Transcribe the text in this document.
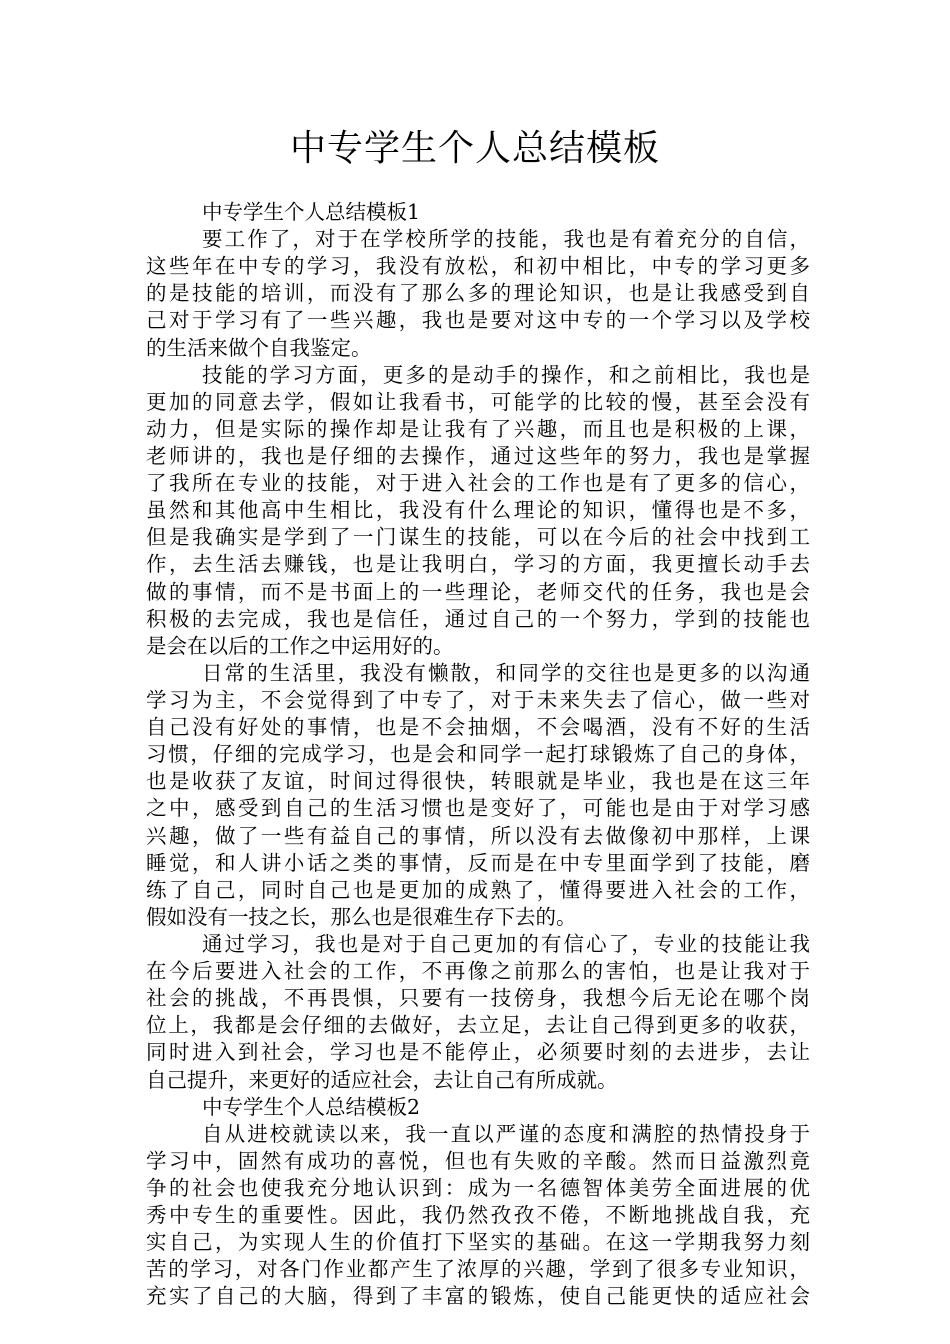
中专学生个人总结模板
中专学生个人总结模板1
要工作了，对于在学校所学的技能，我也是有着充分的自信，
这些年在中专的学习，我没有放松，和初中相比，中专的学习更多
的是技能的培训，而没有了那么多的理论知识，也是让我感受到自
己对于学习有了一些兴趣，我也是要对这中专的一个学习以及学校
的生活来做个自我鉴定。
技能的学习方面，更多的是动手的操作，和之前相比，我也是
更加的同意去学，假如让我看书，可能学的比较的慢，甚至会没有
动力，但是实际的操作却是让我有了兴趣，而且也是积极的上课，
老师讲的，我也是仔细的去操作，通过这些年的努力，我也是掌握
了我所在专业的技能，对于进入社会的工作也是有了更多的信心，
虽然和其他高中生相比，我没有什么理论的知识，懂得也是不多，
但是我确实是学到了一门谋生的技能，可以在今后的社会中找到工
作，去生活去赚钱，也是让我明白，学习的方面，我更擅长动手去
做的事情，而不是书面上的一些理论，老师交代的任务，我也是会
积极的去完成，我也是信任，通过自己的一个努力，学到的技能也
是会在以后的工作之中运用好的。
日常的生活里，我没有懒散，和同学的交往也是更多的以沟通
学习为主，不会觉得到了中专了，对于未来失去了信心，做一些对
自己没有好处的事情，也是不会抽烟，不会喝酒，没有不好的生活
习惯，仔细的完成学习，也是会和同学一起打球锻炼了自己的身体，
也是收获了友谊，时间过得很快，转眼就是毕业，我也是在这三年
之中，感受到自己的生活习惯也是变好了，可能也是由于对学习感
兴趣，做了一些有益自己的事情，所以没有去做像初中那样，上课
睡觉，和人讲小话之类的事情，反而是在中专里面学到了技能，磨
练了自己，同时自己也是更加的成熟了，懂得要进入社会的工作，
假如没有一技之长，那么也是很难生存下去的。
通过学习，我也是对于自己更加的有信心了，专业的技能让我
在今后要进入社会的工作，不再像之前那么的害怕，也是让我对于
社会的挑战，不再畏惧，只要有一技傍身，我想今后无论在哪个岗
位上，我都是会仔细的去做好，去立足，去让自己得到更多的收获，
同时进入到社会，学习也是不能停止，必须要时刻的去进步，去让
自己提升，来更好的适应社会，去让自己有所成就。
中专学生个人总结模板2
自从进校就读以来，我一直以严谨的态度和满腔的热情投身于
学习中，固然有成功的喜悦，但也有失败的辛酸。然而日益激烈竟
争的社会也使我充分地认识到：成为一名德智体美劳全面进展的优
秀中专生的重要性。因此，我仍然孜孜不倦，不断地挑战自我，充
实自己，为实现人生的价值打下坚实的基础。在这一学期我努力刻
苦的学习，对各门作业都产生了浓厚的兴趣，学到了很多专业知识，
充实了自己的大脑，得到了丰富的锻炼，使自己能更快的适应社会
